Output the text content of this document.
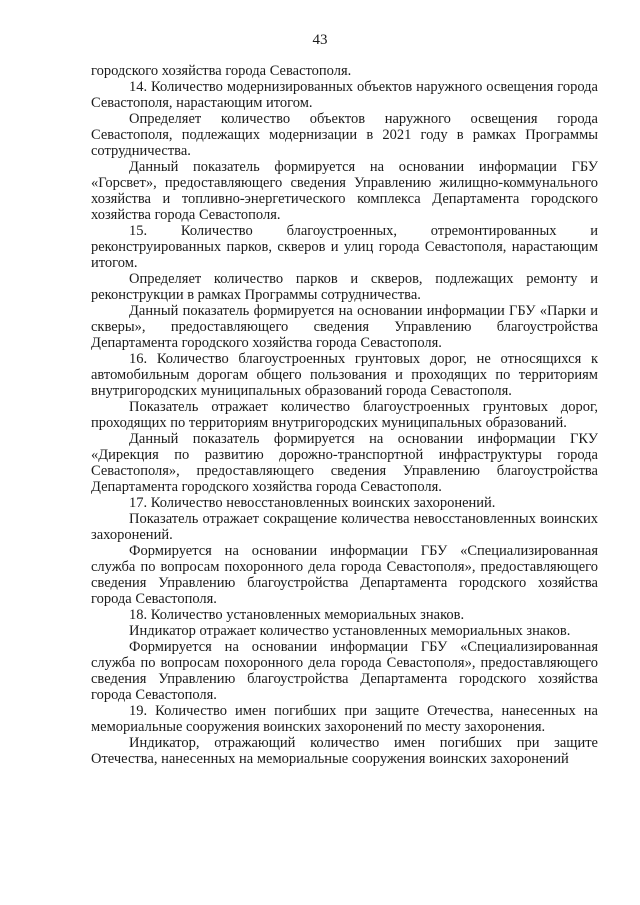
43

городского хозяйства города Севастополя.

14. Количество модернизированных объектов наружного освещения города Севастополя, нарастающим итогом.

Определяет количество объектов наружного освещения города Севастополя, подлежащих модернизации в 2021 году в рамках Программы сотрудничества.

Данный показатель формируется на основании информации ГБУ «Горсвет», предоставляющего сведения Управлению жилищно-коммунального хозяйства и топливно-энергетического комплекса Департамента городского хозяйства города Севастополя.

15. Количество благоустроенных, отремонтированных и реконструированных парков, скверов и улиц города Севастополя, нарастающим итогом.

Определяет количество парков и скверов, подлежащих ремонту и реконструкции в рамках Программы сотрудничества.

Данный показатель формируется на основании информации ГБУ «Парки и скверы», предоставляющего сведения Управлению благоустройства Департамента городского хозяйства города Севастополя.

16. Количество благоустроенных грунтовых дорог, не относящихся к автомобильным дорогам общего пользования и проходящих по территориям внутригородских муниципальных образований города Севастополя.

Показатель отражает количество благоустроенных грунтовых дорог, проходящих по территориям внутригородских муниципальных образований.

Данный показатель формируется на основании информации ГКУ «Дирекция по развитию дорожно-транспортной инфраструктуры города Севастополя», предоставляющего сведения Управлению благоустройства Департамента городского хозяйства города Севастополя.

17. Количество невосстановленных воинских захоронений.

Показатель отражает сокращение количества невосстановленных воинских захоронений.

Формируется на основании информации ГБУ «Специализированная служба по вопросам похоронного дела города Севастополя», предоставляющего сведения Управлению благоустройства Департамента городского хозяйства города Севастополя.

18. Количество установленных мемориальных знаков.

Индикатор отражает количество установленных мемориальных знаков.

Формируется на основании информации ГБУ «Специализированная служба по вопросам похоронного дела города Севастополя», предоставляющего сведения Управлению благоустройства Департамента городского хозяйства города Севастополя.

19. Количество имен погибших при защите Отечества, нанесенных на мемориальные сооружения воинских захоронений по месту захоронения.

Индикатор, отражающий количество имен погибших при защите Отечества, нанесенных на мемориальные сооружения воинских захоронений
